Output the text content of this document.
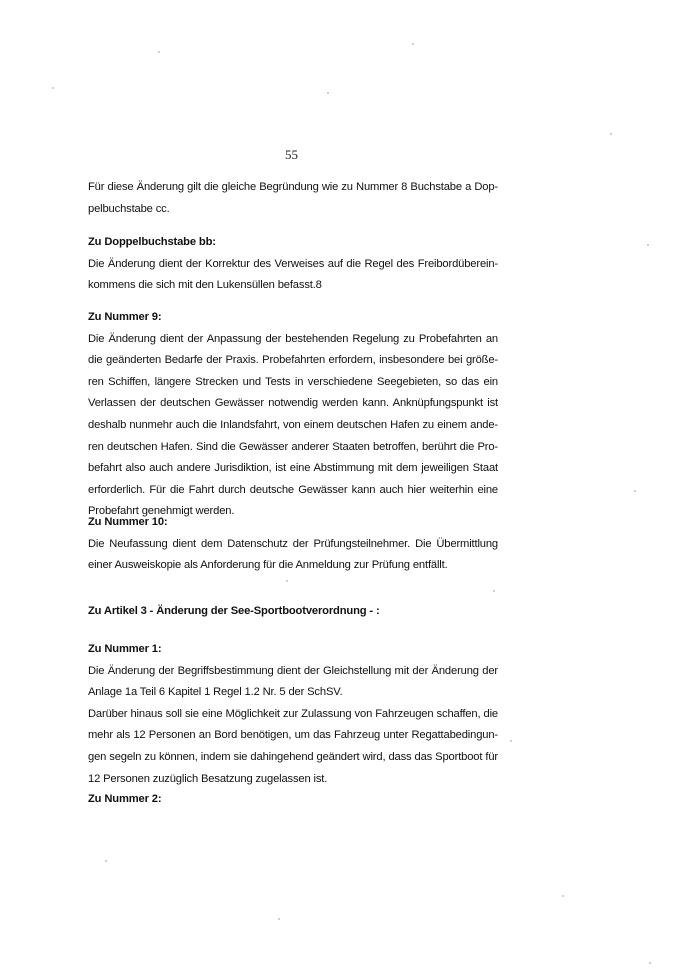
55
Für diese Änderung gilt die gleiche Begründung wie zu Nummer 8 Buchstabe a Dop-
pelbuchstabe cc.
Zu Doppelbuchstabe bb:
Die Änderung dient der Korrektur des Verweises auf die Regel des Freibordüberein-
kommens die sich mit den Lukensüllen befasst.8
Zu Nummer 9:
Die Änderung dient der Anpassung der bestehenden Regelung zu Probefahrten an
die geänderten Bedarfe der Praxis. Probefahrten erfordern, insbesondere bei größe-
ren Schiffen, längere Strecken und Tests in verschiedene Seegebieten, so das ein
Verlassen der deutschen Gewässer notwendig werden kann. Anknüpfungspunkt ist
deshalb nunmehr auch die Inlandsfahrt, von einem deutschen Hafen zu einem ande-
ren deutschen Hafen. Sind die Gewässer anderer Staaten betroffen, berührt die Pro-
befahrt also auch andere Jurisdiktion, ist eine Abstimmung mit dem jeweiligen Staat
erforderlich. Für die Fahrt durch deutsche Gewässer kann auch hier weiterhin eine
Probefahrt genehmigt werden.
Zu Nummer 10:
Die Neufassung dient dem Datenschutz der Prüfungsteilnehmer. Die Übermittlung
einer Ausweiskopie als Anforderung für die Anmeldung zur Prüfung entfällt.
Zu Artikel 3 - Änderung der See-Sportbootverordnung - :
Zu Nummer 1:
Die Änderung der Begriffsbestimmung dient der Gleichstellung mit der Änderung der
Anlage 1a Teil 6 Kapitel 1 Regel 1.2 Nr. 5 der SchSV.
Darüber hinaus soll sie eine Möglichkeit zur Zulassung von Fahrzeugen schaffen, die
mehr als 12 Personen an Bord benötigen, um das Fahrzeug unter Regattabedingun-
gen segeln zu können, indem sie dahingehend geändert wird, dass das Sportboot für
12 Personen zuzüglich Besatzung zugelassen ist.
Zu Nummer 2:
